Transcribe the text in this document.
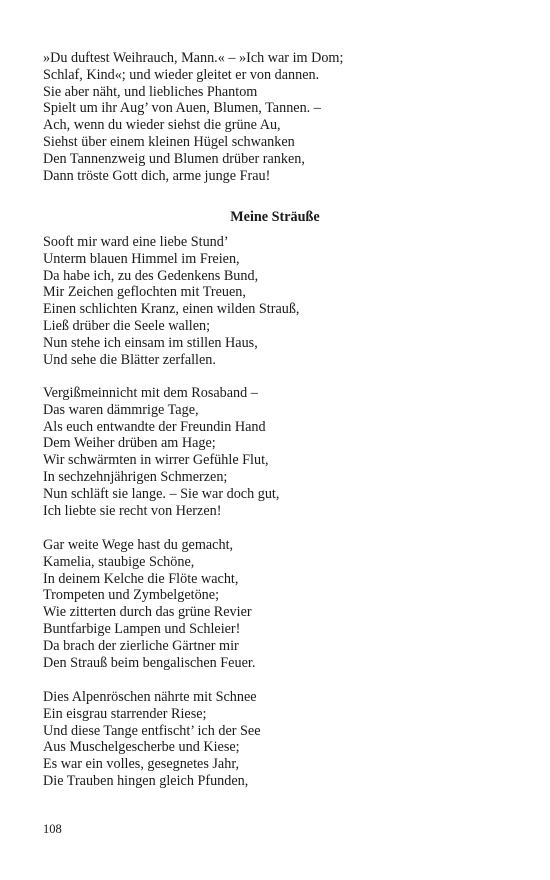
»Du duftest Weihrauch, Mann.« – »Ich war im Dom;
Schlaf, Kind«; und wieder gleitet er von dannen.
Sie aber näht, und liebliches Phantom
Spielt um ihr Aug’ von Auen, Blumen, Tannen. –
Ach, wenn du wieder siehst die grüne Au,
Siehst über einem kleinen Hügel schwanken
Den Tannenzweig und Blumen drüber ranken,
Dann tröste Gott dich, arme junge Frau!
Meine Sträuße
Sooft mir ward eine liebe Stund’
Unterm blauen Himmel im Freien,
Da habe ich, zu des Gedenkens Bund,
Mir Zeichen geflochten mit Treuen,
Einen schlichten Kranz, einen wilden Strauß,
Ließ drüber die Seele wallen;
Nun stehe ich einsam im stillen Haus,
Und sehe die Blätter zerfallen.
Vergißmeinnicht mit dem Rosaband –
Das waren dämmrige Tage,
Als euch entwandte der Freundin Hand
Dem Weiher drüben am Hage;
Wir schwärmten in wirrer Gefühle Flut,
In sechzehnjährigen Schmerzen;
Nun schläft sie lange. – Sie war doch gut,
Ich liebte sie recht von Herzen!
Gar weite Wege hast du gemacht,
Kamelia, staubige Schöne,
In deinem Kelche die Flöte wacht,
Trompeten und Zymbelgetöne;
Wie zitterten durch das grüne Revier
Buntfarbige Lampen und Schleier!
Da brach der zierliche Gärtner mir
Den Strauß beim bengalischen Feuer.
Dies Alpenröschen nährte mit Schnee
Ein eisgrau starrender Riese;
Und diese Tange entfischt’ ich der See
Aus Muschelgescherbe und Kiese;
Es war ein volles, gesegnetes Jahr,
Die Trauben hingen gleich Pfunden,
108
